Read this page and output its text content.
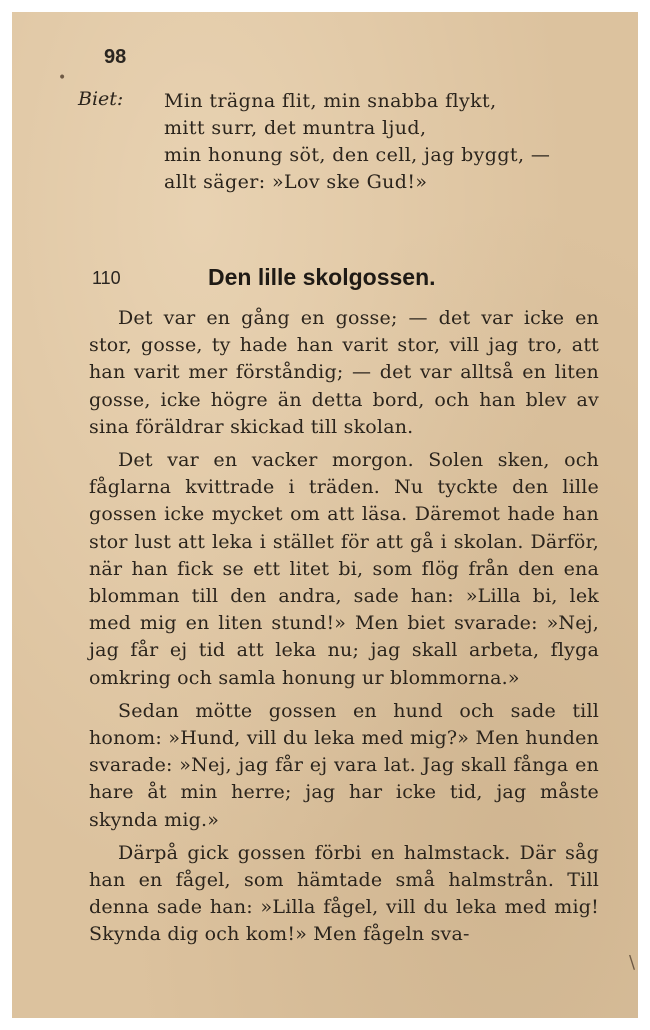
98
Biet: Min trägna flit, min snabba flykt,
mitt surr, det muntra ljud,
min honung söt, den cell, jag byggt, —
allt säger: »Lov ske Gud!»
110	Den lille skolgossen.

Det var en gång en gosse; — det var icke en stor, gosse, ty hade han varit stor, vill jag tro, att han varit mer förståndig; — det var alltså en liten gosse, icke högre än detta bord, och han blev av sina föräldrar skickad till skolan.

Det var en vacker morgon. Solen sken, och fåglarna kvittrade i träden. Nu tyckte den lille gossen icke mycket om att läsa. Däremot hade han stor lust att leka i stället för att gå i skolan. Därför, när han fick se ett litet bi, som flög från den ena blomman till den andra, sade han: »Lilla bi, lek med mig en liten stund!» Men biet svarade: »Nej, jag får ej tid att leka nu; jag skall arbeta, flyga omkring och samla honung ur blommorna.»

Sedan mötte gossen en hund och sade till honom: »Hund, vill du leka med mig?» Men hunden svarade: »Nej, jag får ej vara lat. Jag skall fånga en hare åt min herre; jag har icke tid, jag måste skynda mig.»

Därpå gick gossen förbi en halmstack. Där såg han en fågel, som hämtade små halmstrån. Till denna sade han: »Lilla fågel, vill du leka med mig! Skynda dig och kom!» Men fågeln sva-

•
\
